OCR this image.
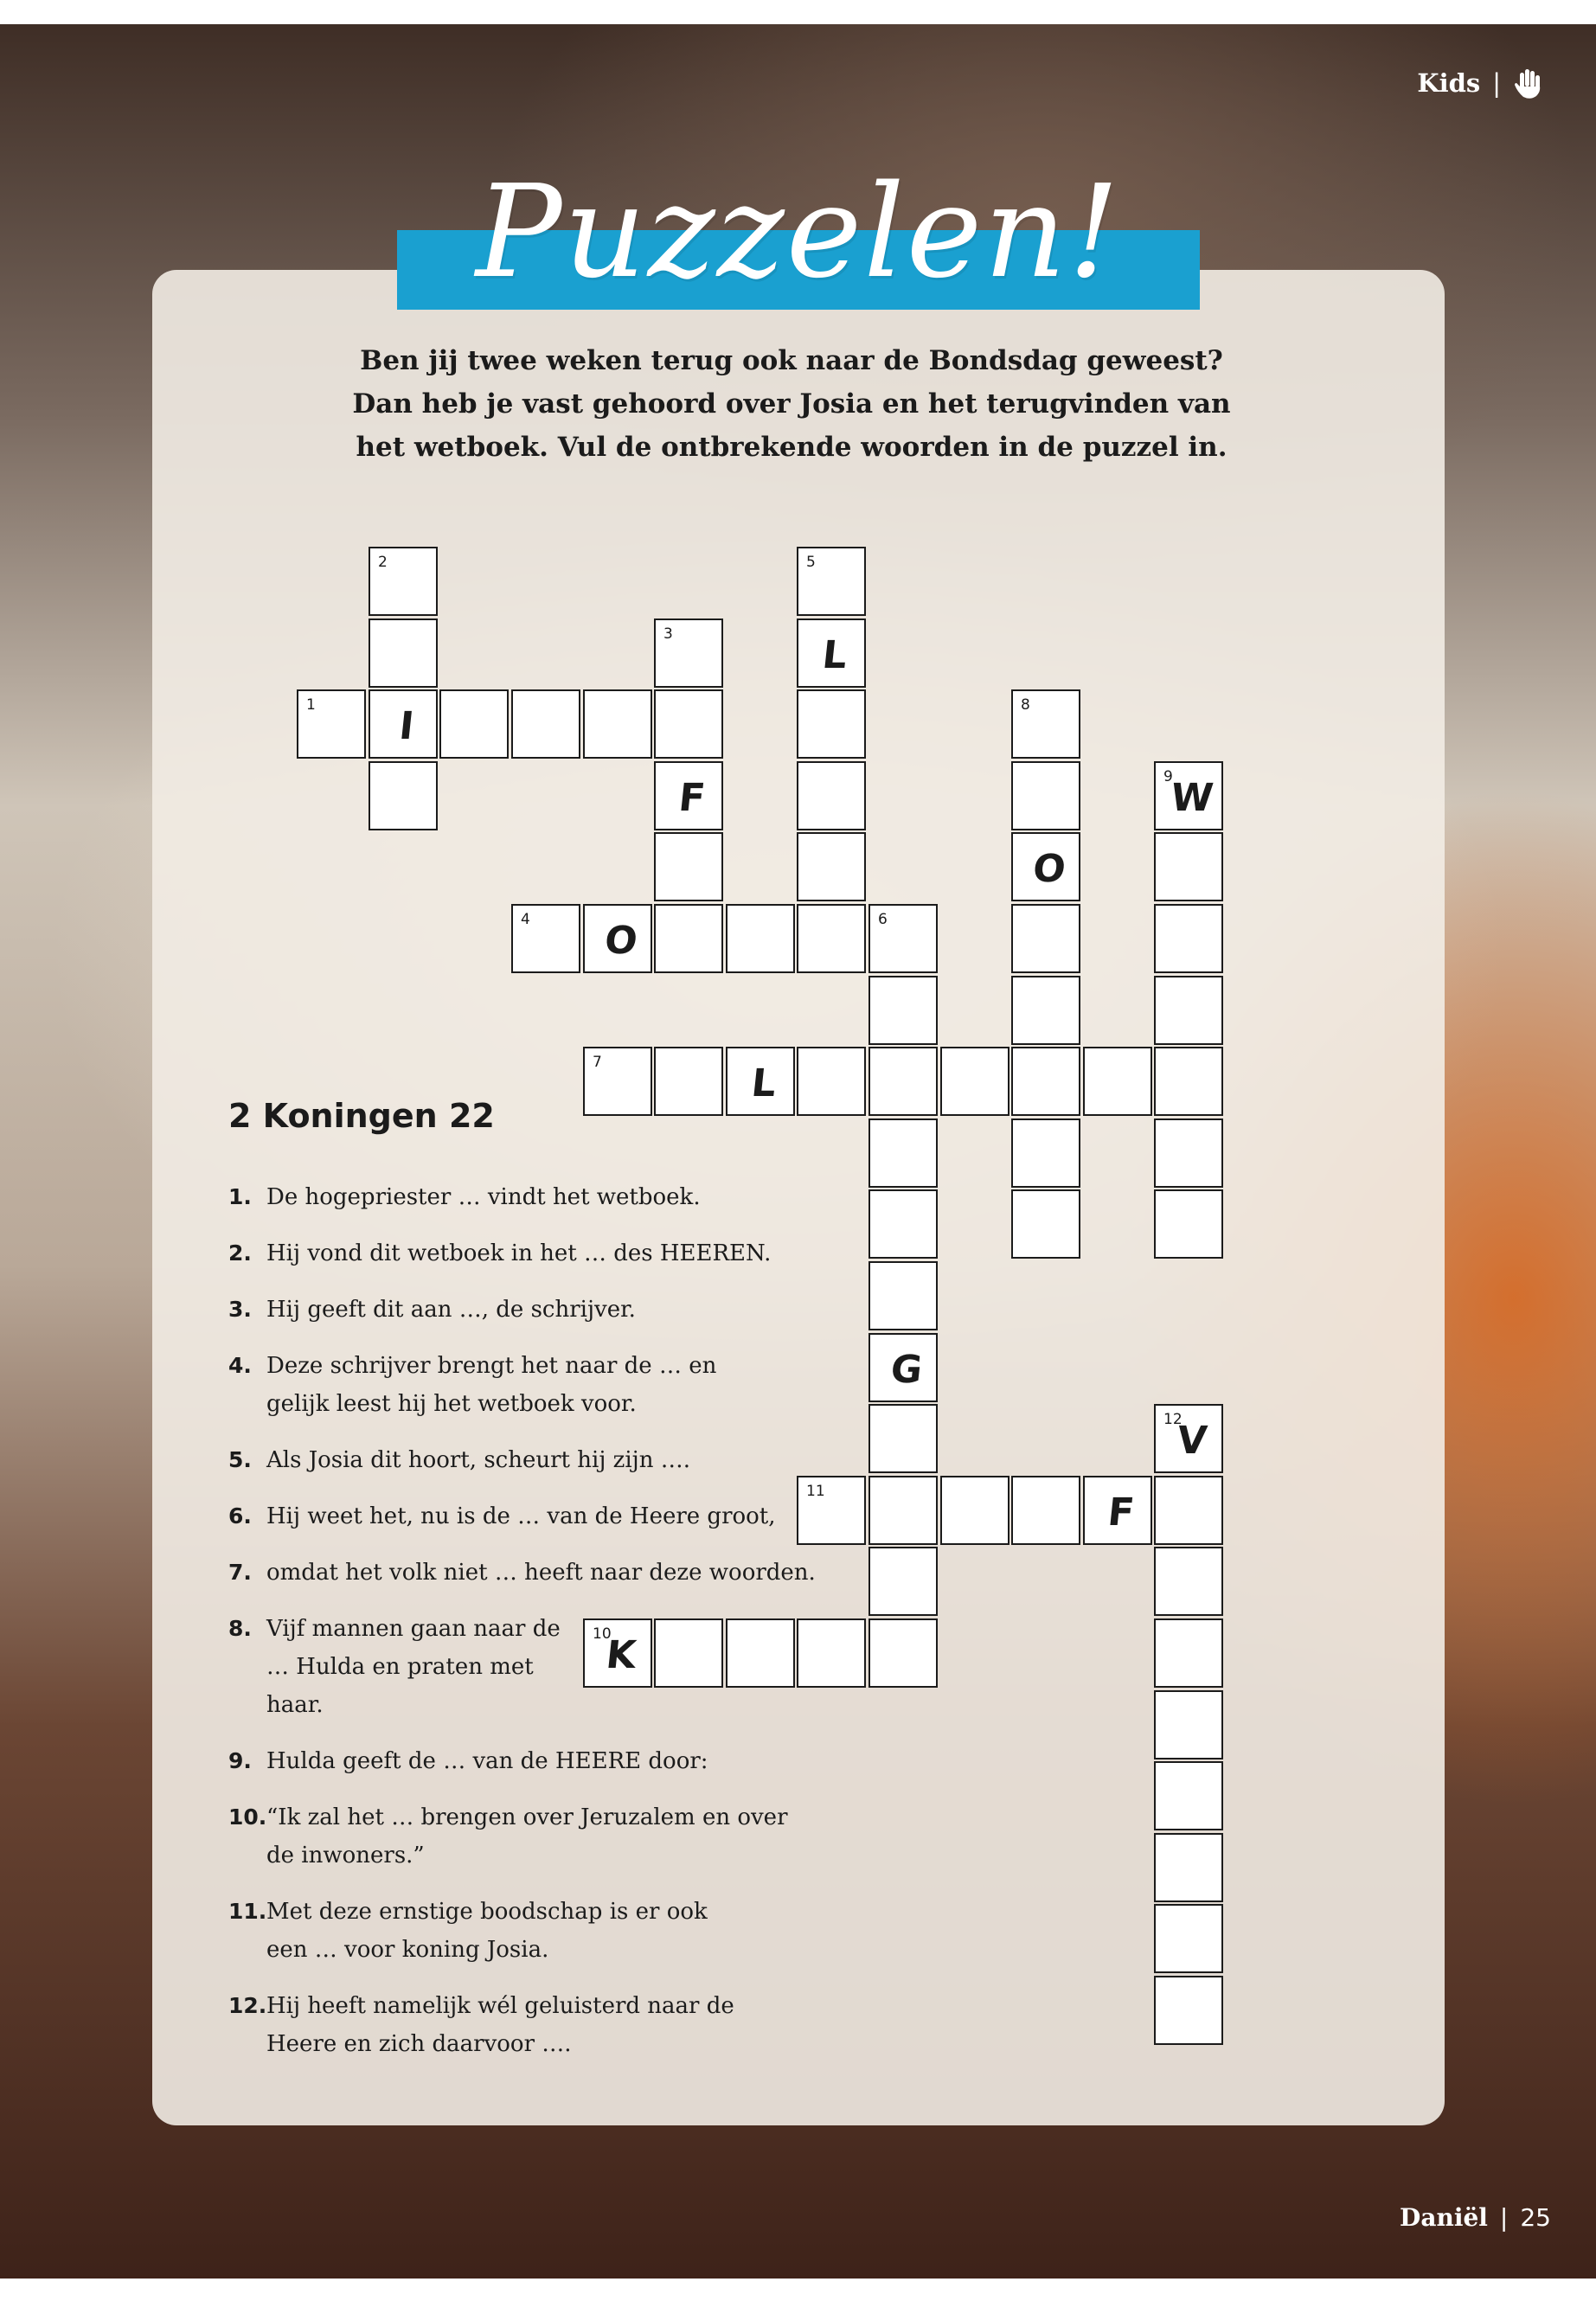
Kids |
Puzzelen!

Ben jij twee weken terug ook naar de Bondsdag geweest?

Dan heb je vast gehoord over Josia en het terugvinden van

het wetboek. Vul de ontbrekende woorden in de puzzel in.

2
1	I
3
F
5
L
8
O
9
W
4	O	6
G
7	L
11	F
12
V
10
K
2 Koningen 22
1. De hogepriester … vindt het wetboek.
2. Hij vond dit wetboek in het … des HEEREN.
3. Hij geeft dit aan …, de schrijver.
4. Deze schrijver brengt het naar de … en gelijk leest hij het wetboek voor.
5. Als Josia dit hoort, scheurt hij zijn ….
6. Hij weet het, nu is de … van de Heere groot,
7. omdat het volk niet … heeft naar deze woorden.
8. Vijf mannen gaan naar de … Hulda en praten met haar.
9. Hulda geeft de … van de HEERE door:
10. “Ik zal het … brengen over Jeruzalem en over de inwoners.”
11. Met deze ernstige boodschap is er ook een … voor koning Josia.
12. Hij heeft namelijk wél geluisterd naar de Heere en zich daarvoor ….
Daniël | 25
